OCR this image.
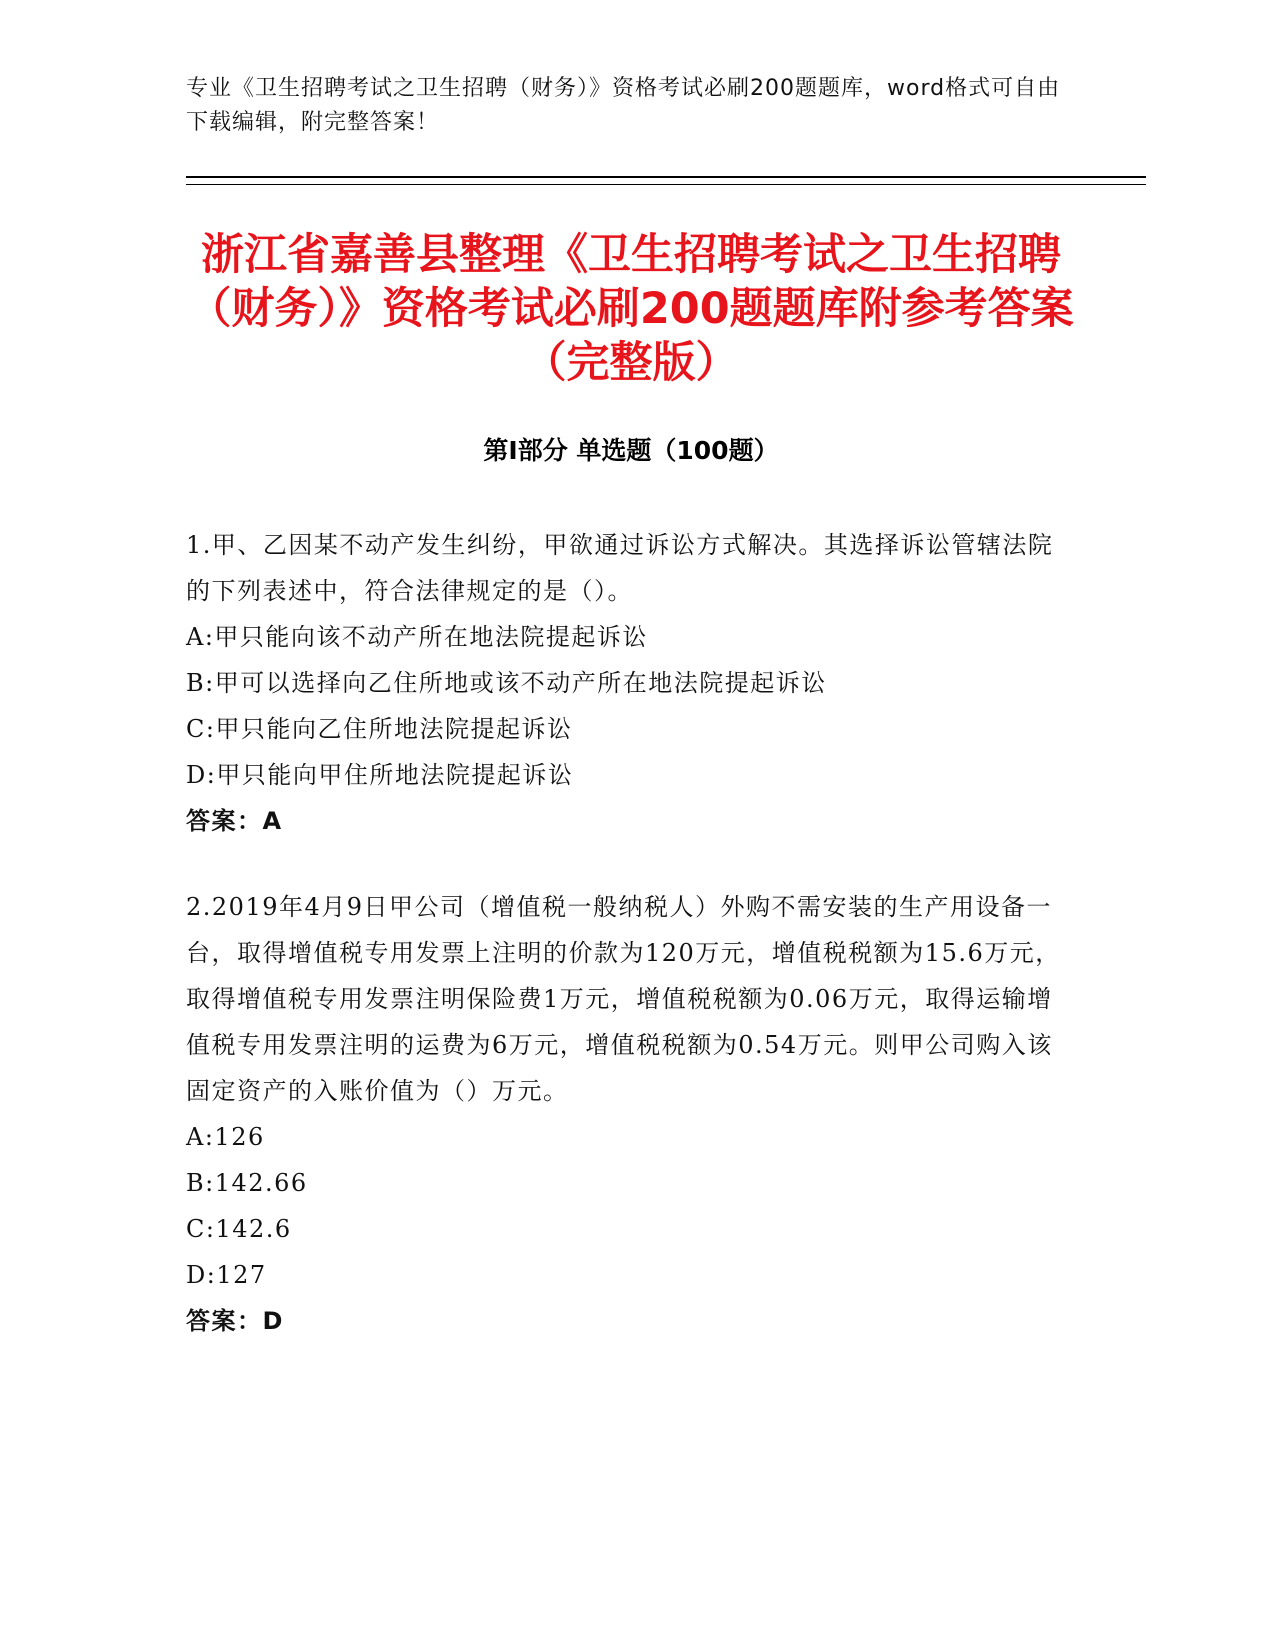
专业《卫生招聘考试之卫生招聘（财务）》资格考试必刷200题题库，word格式可自由下载编辑，附完整答案！
浙江省嘉善县整理《卫生招聘考试之卫生招聘（财务）》资格考试必刷200题题库附参考答案（完整版）
第I部分 单选题（100题）
1.甲、乙因某不动产发生纠纷，甲欲通过诉讼方式解决。其选择诉讼管辖法院的下列表述中，符合法律规定的是（）。
A:甲只能向该不动产所在地法院提起诉讼
B:甲可以选择向乙住所地或该不动产所在地法院提起诉讼
C:甲只能向乙住所地法院提起诉讼
D:甲只能向甲住所地法院提起诉讼
答案：A
2.2019年4月9日甲公司（增值税一般纳税人）外购不需安装的生产用设备一台，取得增值税专用发票上注明的价款为120万元，增值税税额为15.6万元，取得增值税专用发票注明保险费1万元，增值税税额为0.06万元，取得运输增值税专用发票注明的运费为6万元，增值税税额为0.54万元。则甲公司购入该固定资产的入账价值为（）万元。
A:126
B:142.66
C:142.6
D:127
答案：D
